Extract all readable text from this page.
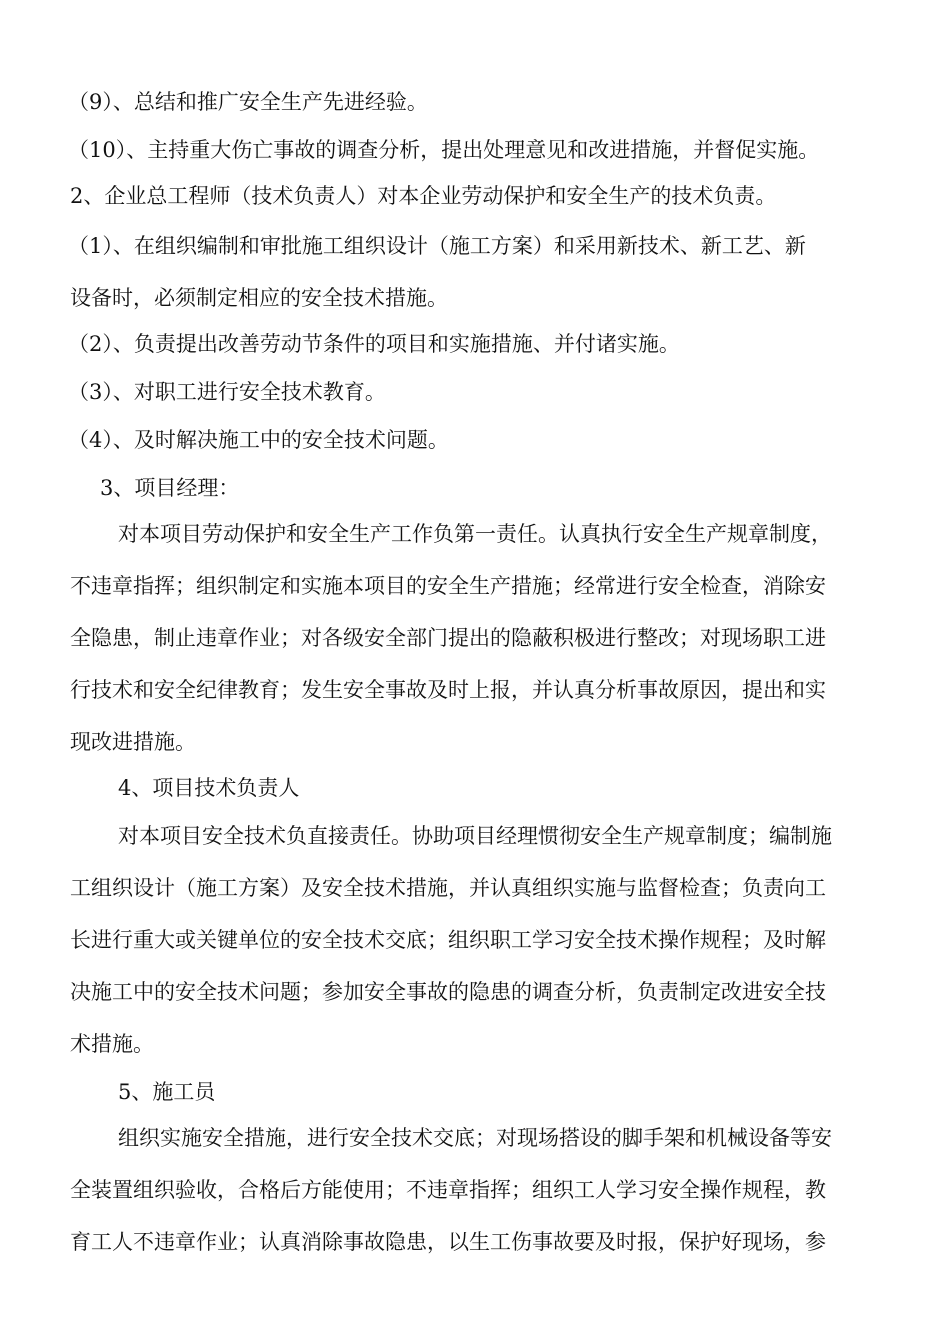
（9）、总结和推广安全生产先进经验。
（10）、主持重大伤亡事故的调查分析，提出处理意见和改进措施，并督促实施。
2、企业总工程师（技术负责人）对本企业劳动保护和安全生产的技术负责。
（1）、在组织编制和审批施工组织设计（施工方案）和采用新技术、新工艺、新
设备时，必须制定相应的安全技术措施。
（2）、负责提出改善劳动节条件的项目和实施措施、并付诸实施。
（3）、对职工进行安全技术教育。
（4）、及时解决施工中的安全技术问题。
3、项目经理：
对本项目劳动保护和安全生产工作负第一责任。认真执行安全生产规章制度，
不违章指挥；组织制定和实施本项目的安全生产措施；经常进行安全检查，消除安
全隐患，制止违章作业；对各级安全部门提出的隐蔽积极进行整改；对现场职工进
行技术和安全纪律教育；发生安全事故及时上报，并认真分析事故原因，提出和实
现改进措施。
4、项目技术负责人
对本项目安全技术负直接责任。协助项目经理惯彻安全生产规章制度；编制施
工组织设计（施工方案）及安全技术措施，并认真组织实施与监督检查；负责向工
长进行重大或关键单位的安全技术交底；组织职工学习安全技术操作规程；及时解
决施工中的安全技术问题；参加安全事故的隐患的调查分析，负责制定改进安全技
术措施。
5、施工员
组织实施安全措施，进行安全技术交底；对现场搭设的脚手架和机械设备等安
全装置组织验收，合格后方能使用；不违章指挥；组织工人学习安全操作规程，教
育工人不违章作业；认真消除事故隐患，以生工伤事故要及时报，保护好现场，参
